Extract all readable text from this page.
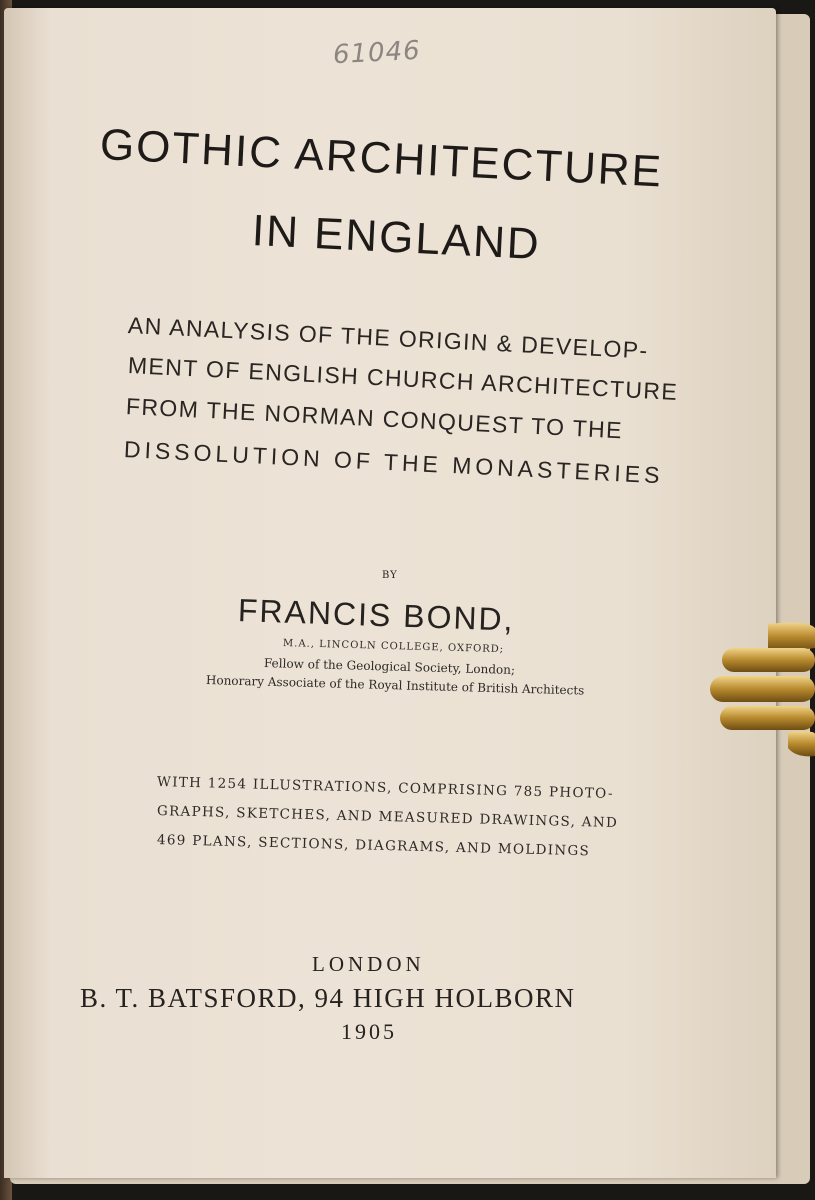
61046
GOTHIC ARCHITECTURE
IN ENGLAND
AN ANALYSIS OF THE ORIGIN & DEVELOP-
MENT OF ENGLISH CHURCH ARCHITECTURE
FROM THE NORMAN CONQUEST TO THE
DISSOLUTION OF THE MONASTERIES
BY
FRANCIS BOND,
M.A., LINCOLN COLLEGE, OXFORD;
Fellow of the Geological Society, London;
Honorary Associate of the Royal Institute of British Architects
WITH 1254 ILLUSTRATIONS, COMPRISING 785 PHOTO-
GRAPHS, SKETCHES, AND MEASURED DRAWINGS, AND
469 PLANS, SECTIONS, DIAGRAMS, AND MOLDINGS
LONDON
B. T. BATSFORD, 94 HIGH HOLBORN
1905
